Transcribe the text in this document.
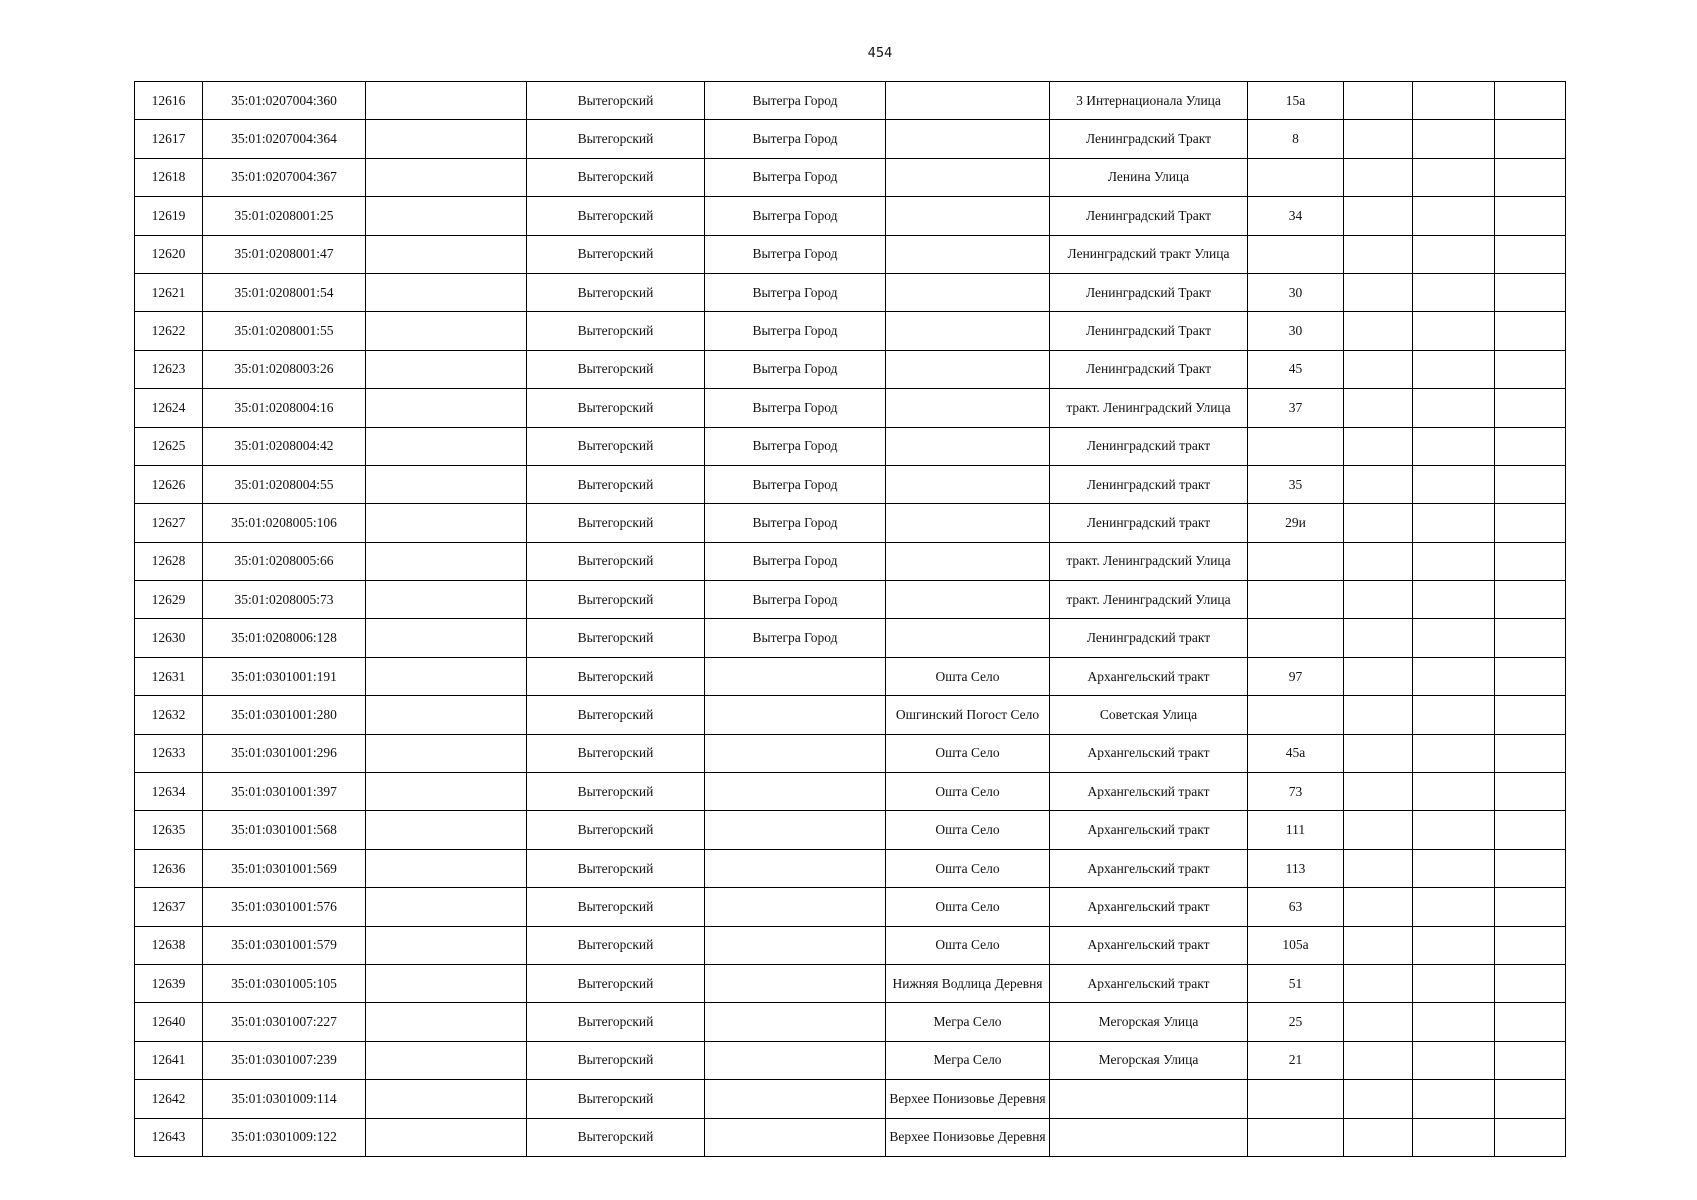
454
12616	35:01:0207004:360		Вытегорский	Вытегра Город		3 Интернационала Улица	15а			
12617	35:01:0207004:364		Вытегорский	Вытегра Город		Ленинградский Тракт	8			
12618	35:01:0207004:367		Вытегорский	Вытегра Город		Ленина Улица				
12619	35:01:0208001:25		Вытегорский	Вытегра Город		Ленинградский Тракт	34			
12620	35:01:0208001:47		Вытегорский	Вытегра Город		Ленинградский тракт Улица				
12621	35:01:0208001:54		Вытегорский	Вытегра Город		Ленинградский Тракт	30			
12622	35:01:0208001:55		Вытегорский	Вытегра Город		Ленинградский Тракт	30			
12623	35:01:0208003:26		Вытегорский	Вытегра Город		Ленинградский Тракт	45			
12624	35:01:0208004:16		Вытегорский	Вытегра Город		тракт. Ленинградский Улица	37			
12625	35:01:0208004:42		Вытегорский	Вытегра Город		Ленинградский тракт				
12626	35:01:0208004:55		Вытегорский	Вытегра Город		Ленинградский тракт	35			
12627	35:01:0208005:106		Вытегорский	Вытегра Город		Ленинградский тракт	29и			
12628	35:01:0208005:66		Вытегорский	Вытегра Город		тракт. Ленинградский Улица				
12629	35:01:0208005:73		Вытегорский	Вытегра Город		тракт. Ленинградский Улица				
12630	35:01:0208006:128		Вытегорский	Вытегра Город		Ленинградский тракт				
12631	35:01:0301001:191		Вытегорский		Оштa Село	Архангельский тракт	97			
12632	35:01:0301001:280		Вытегорский		Ошгинский Погост Село	Советская Улица				
12633	35:01:0301001:296		Вытегорский		Ошта Село	Архангельский тракт	45а			
12634	35:01:0301001:397		Вытегорский		Ошта Село	Архангельский тракт	73			
12635	35:01:0301001:568		Вытегорский		Ошта Село	Архангельский тракт	111			
12636	35:01:0301001:569		Вытегорский		Ошта Село	Архангельский тракт	113			
12637	35:01:0301001:576		Вытегорский		Ошта Село	Архангельский тракт	63			
12638	35:01:0301001:579		Вытегорский		Ошта Село	Архангельский тракт	105а			
12639	35:01:0301005:105		Вытегорский		Нижняя Водлица Деревня	Архангельский тракт	51			
12640	35:01:0301007:227		Вытегорский		Мегра Село	Мегорская Улица	25			
12641	35:01:0301007:239		Вытегорский		Мегра Село	Мегорская Улица	21			
12642	35:01:0301009:114		Вытегорский		Верхее Понизовье Деревня					
12643	35:01:0301009:122		Вытегорский		Верхее Понизовье Деревня					
